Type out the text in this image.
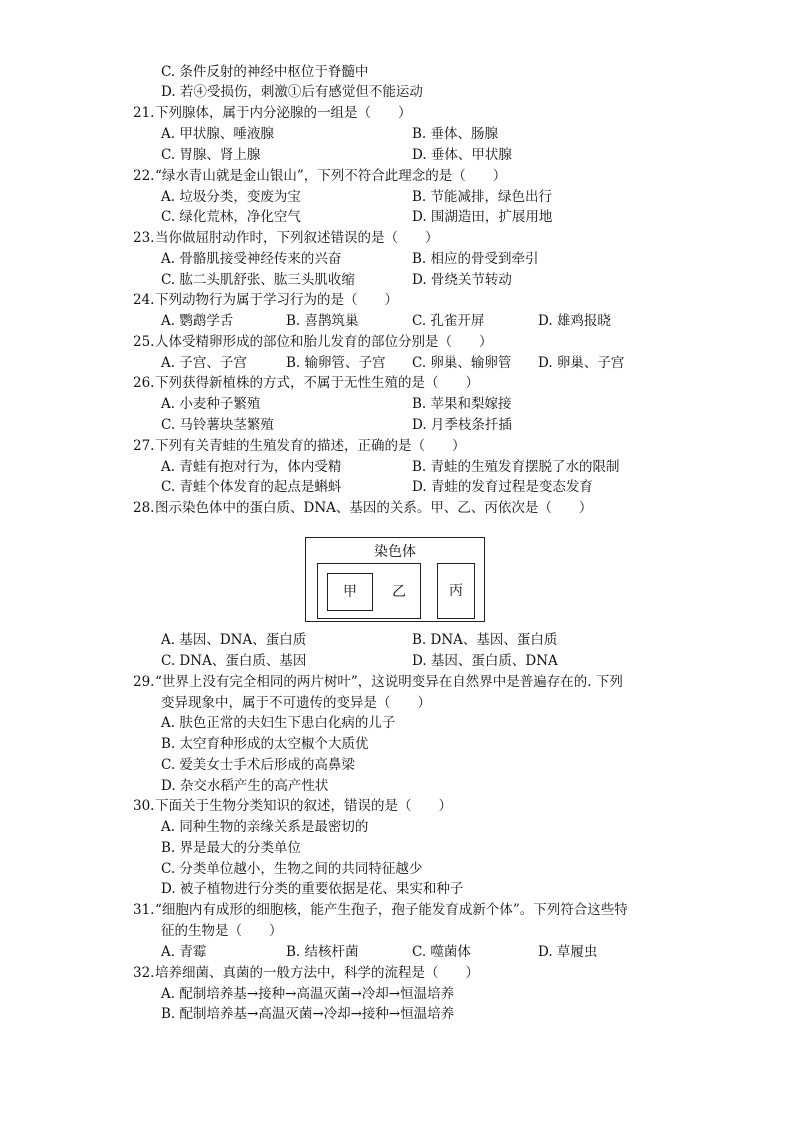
C. 条件反射的神经中枢位于脊髓中
D. 若④受损伤，刺激①后有感觉但不能运动
21.下列腺体，属于内分泌腺的一组是（　　）
A. 甲状腺、唾液腺	B. 垂体、肠腺
C. 胃腺、肾上腺	D. 垂体、甲状腺
22.“绿水青山就是金山银山”，下列不符合此理念的是（　　）
A. 垃圾分类，变废为宝	B. 节能减排，绿色出行
C. 绿化荒林，净化空气	D. 围湖造田，扩展用地
23.当你做屈肘动作时，下列叙述错误的是（　　）
A. 骨骼肌接受神经传来的兴奋	B. 相应的骨受到牵引
C. 肱二头肌舒张、肱三头肌收缩	D. 骨绕关节转动
24.下列动物行为属于学习行为的是（　　）
A. 鹦鹉学舌	B. 喜鹊筑巢	C. 孔雀开屏	D. 雄鸡报晓
25.人体受精卵形成的部位和胎儿发育的部位分别是（　　）
A. 子宫、子宫	B. 输卵管、子宫 C. 卵巢、输卵管 D. 卵巢、子宫
26.下列获得新植株的方式，不属于无性生殖的是（　　）
A. 小麦种子繁殖	B. 苹果和梨嫁接
C. 马铃薯块茎繁殖	D. 月季枝条扦插
27.下列有关青蛙的生殖发育的描述，正确的是（　　）
A. 青蛙有抱对行为，体内受精	B. 青蛙的生殖发育摆脱了水的限制
C. 青蛙个体发育的起点是蝌蚪	D. 青蛙的发育过程是变态发育
28.图示染色体中的蛋白质、DNA、基因的关系。甲、乙、丙依次是（　　）
染色体
甲	乙	丙
A. 基因、DNA、蛋白质	B. DNA、基因、蛋白质
C. DNA、蛋白质、基因	D. 基因、蛋白质、DNA
29.“世界上没有完全相同的两片树叶”，这说明变异在自然界中是普遍存在的. 下列
变异现象中，属于不可遗传的变异是（　　）
A. 肤色正常的夫妇生下患白化病的儿子
B. 太空育种形成的太空椒个大质优
C. 爱美女士手术后形成的高鼻梁
D. 杂交水稻产生的高产性状
30.下面关于生物分类知识的叙述，错误的是（　　）
A. 同种生物的亲缘关系是最密切的
B. 界是最大的分类单位
C. 分类单位越小，生物之间的共同特征越少
D. 被子植物进行分类的重要依据是花、果实和种子
31.“细胞内有成形的细胞核，能产生孢子，孢子能发育成新个体”。下列符合这些特
征的生物是（　　）
A. 青霉	B. 结核杆菌	C. 噬菌体	D. 草履虫
32.培养细菌、真菌的一般方法中，科学的流程是（　　）
A. 配制培养基→接种→高温灭菌→冷却→恒温培养
B. 配制培养基→高温灭菌→冷却→接种→恒温培养
